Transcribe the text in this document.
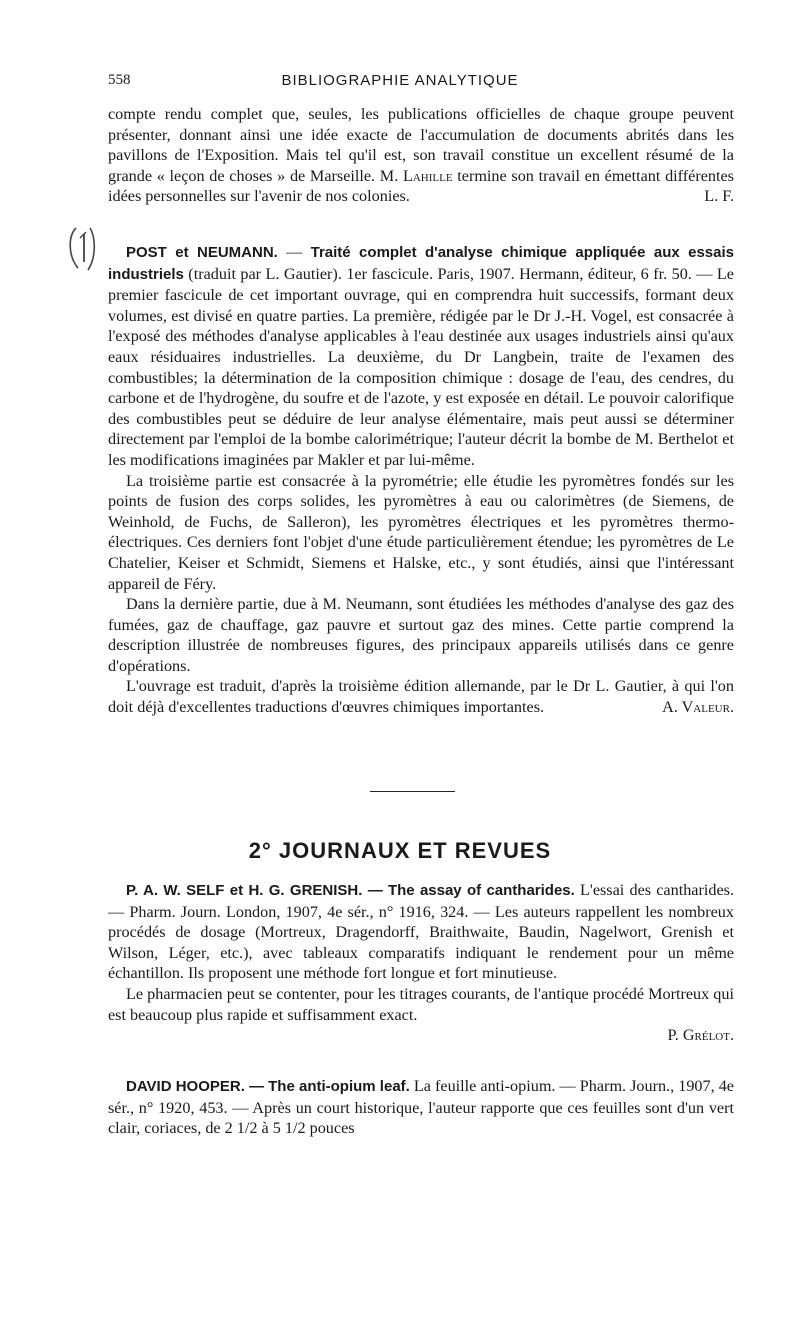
558	BIBLIOGRAPHIE ANALYTIQUE

compte rendu complet que, seules, les publications officielles de chaque groupe peuvent présenter, donnant ainsi une idée exacte de l'accumulation de documents abrités dans les pavillons de l'Exposition. Mais tel qu'il est, son travail constitue un excellent résumé de la grande « leçon de choses » de Marseille. M. Lahille termine son travail en émettant différentes idées personnelles sur l'avenir de nos colonies.	L. F.

POST et NEUMANN. — Traité complet d'analyse chimique appliquée aux essais industriels (traduit par L. Gautier). 1er fascicule. Paris, 1907. Hermann, éditeur, 6 fr. 50. — Le premier fascicule de cet important ouvrage, qui en comprendra huit successifs, formant deux volumes, est divisé en quatre parties. La première, rédigée par le Dr J.-H. Vogel, est consacrée à l'exposé des méthodes d'analyse applicables à l'eau destinée aux usages industriels ainsi qu'aux eaux résiduaires industrielles. La deuxième, du Dr Langbein, traite de l'examen des combustibles; la détermination de la composition chimique : dosage de l'eau, des cendres, du carbone et de l'hydrogène, du soufre et de l'azote, y est exposée en détail. Le pouvoir calorifique des combustibles peut se déduire de leur analyse élémentaire, mais peut aussi se déterminer directement par l'emploi de la bombe calorimétrique; l'auteur décrit la bombe de M. Berthelot et les modifications imaginées par Makler et par lui-même.

La troisième partie est consacrée à la pyrométrie; elle étudie les pyromètres fondés sur les points de fusion des corps solides, les pyromètres à eau ou calorimètres (de Siemens, de Weinhold, de Fuchs, de Salleron), les pyromètres électriques et les pyromètres thermo-électriques. Ces derniers font l'objet d'une étude particulièrement étendue; les pyromètres de Le Chatelier, Keiser et Schmidt, Siemens et Halske, etc., y sont étudiés, ainsi que l'intéressant appareil de Féry.

Dans la dernière partie, due à M. Neumann, sont étudiées les méthodes d'analyse des gaz des fumées, gaz de chauffage, gaz pauvre et surtout gaz des mines. Cette partie comprend la description illustrée de nombreuses figures, des principaux appareils utilisés dans ce genre d'opérations.

L'ouvrage est traduit, d'après la troisième édition allemande, par le Dr L. Gautier, à qui l'on doit déjà d'excellentes traductions d'œuvres chimiques importantes.	A. Valeur.

2° JOURNAUX ET REVUES

P. A. W. SELF et H. G. GRENISH. — The assay of cantharides. L'essai des cantharides. — Pharm. Journ. London, 1907, 4e sér., n° 1916, 324. — Les auteurs rappellent les nombreux procédés de dosage (Mortreux, Dragendorff, Braithwaite, Baudin, Nagelwort, Grenish et Wilson, Léger, etc.), avec tableaux comparatifs indiquant le rendement pour un même échantillon. Ils proposent une méthode fort longue et fort minutieuse.

Le pharmacien peut se contenter, pour les titrages courants, de l'antique procédé Mortreux qui est beaucoup plus rapide et suffisamment exact.

P. Grélot.

DAVID HOOPER. — The anti-opium leaf. La feuille anti-opium. — Pharm. Journ., 1907, 4e sér., n° 1920, 453. — Après un court historique, l'auteur rapporte que ces feuilles sont d'un vert clair, coriaces, de 2 1/2 à 5 1/2 pouces
